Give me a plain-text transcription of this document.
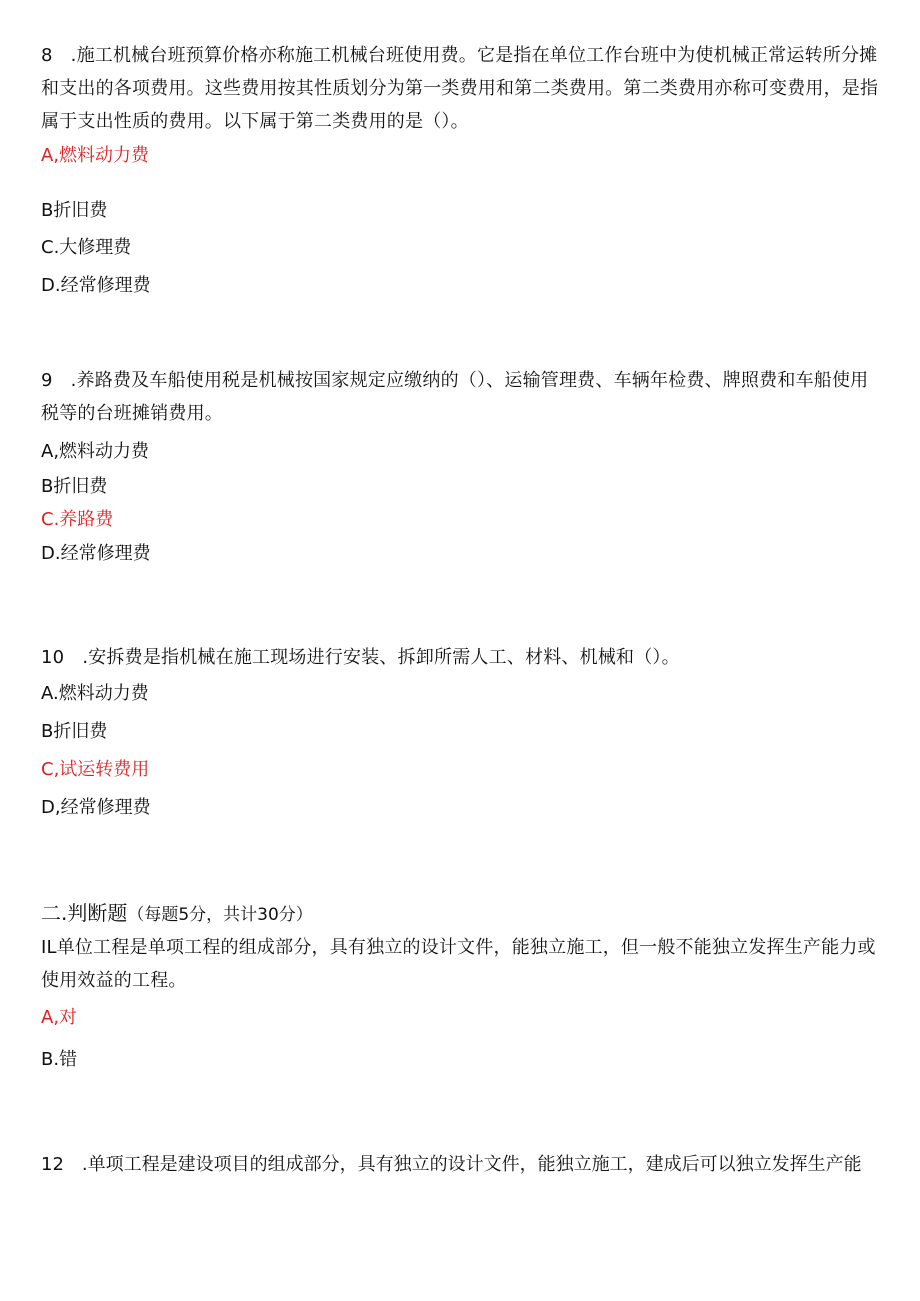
8 .施工机械台班预算价格亦称施工机械台班使用费。它是指在单位工作台班中为使机械正常运转所分摊和支出的各项费用。这些费用按其性质划分为第一类费用和第二类费用。第二类费用亦称可变费用，是指属于支出性质的费用。以下属于第二类费用的是（）。
A,燃料动力费
B折旧费
C.大修理费
D.经常修理费
9 .养路费及车船使用税是机械按国家规定应缴纳的（）、运输管理费、车辆年检费、牌照费和车船使用税等的台班摊销费用。
A,燃料动力费
B折旧费
C.养路费
D.经常修理费
10 .安拆费是指机械在施工现场进行安装、拆卸所需人工、材料、机械和（）。
A.燃料动力费
B折旧费
C,试运转费用
D,经常修理费
二.判断题（每题5分，共计30分）
IL单位工程是单项工程的组成部分，具有独立的设计文件，能独立施工，但一般不能独立发挥生产能力或使用效益的工程。
A,对
B.错
12 .单项工程是建设项目的组成部分，具有独立的设计文件，能独立施工，建成后可以独立发挥生产能
